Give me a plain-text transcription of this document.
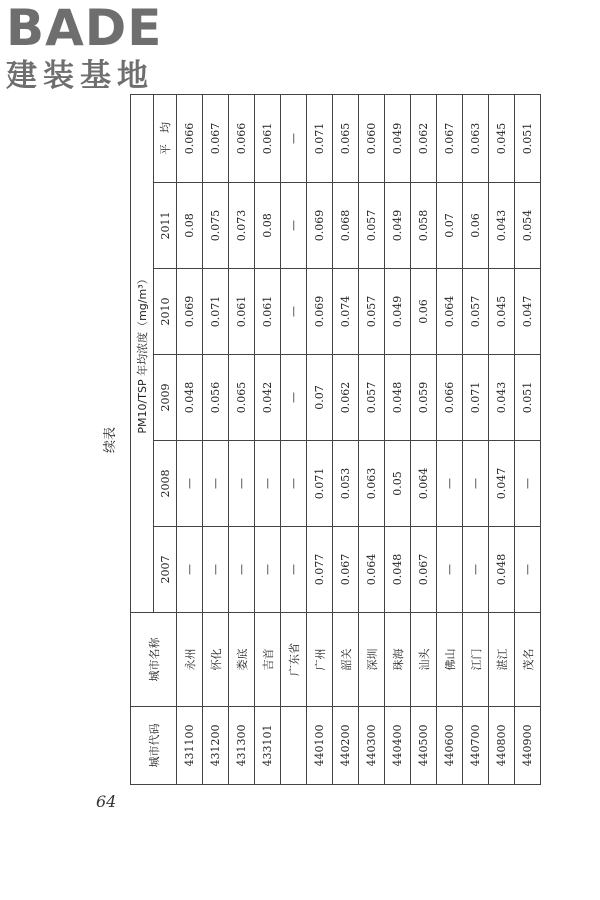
BADE
建装基地
续表
城市代码	城市名称	PM10/TSP 年均浓度（mg/m³）					
		2007	2008	2009	2010	2011	平　均
431100	永州	—	—	0.048	0.069	0.08	0.066
431200	怀化	—	—	0.056	0.071	0.075	0.067
431300	娄底	—	—	0.065	0.061	0.073	0.066
433101	吉首	—	—	0.042	0.061	0.08	0.061
	广东省	—	—	—	—	—	—
440100	广州	0.077	0.071	0.07	0.069	0.069	0.071
440200	韶关	0.067	0.053	0.062	0.074	0.068	0.065
440300	深圳	0.064	0.063	0.057	0.057	0.057	0.060
440400	珠海	0.048	0.05	0.048	0.049	0.049	0.049
440500	汕头	0.067	0.064	0.059	0.06	0.058	0.062
440600	佛山	—	—	0.066	0.064	0.07	0.067
440700	江门	—	—	0.071	0.057	0.06	0.063
440800	湛江	0.048	0.047	0.043	0.045	0.043	0.045
440900	茂名	—	—	0.051	0.047	0.054	0.051
64
